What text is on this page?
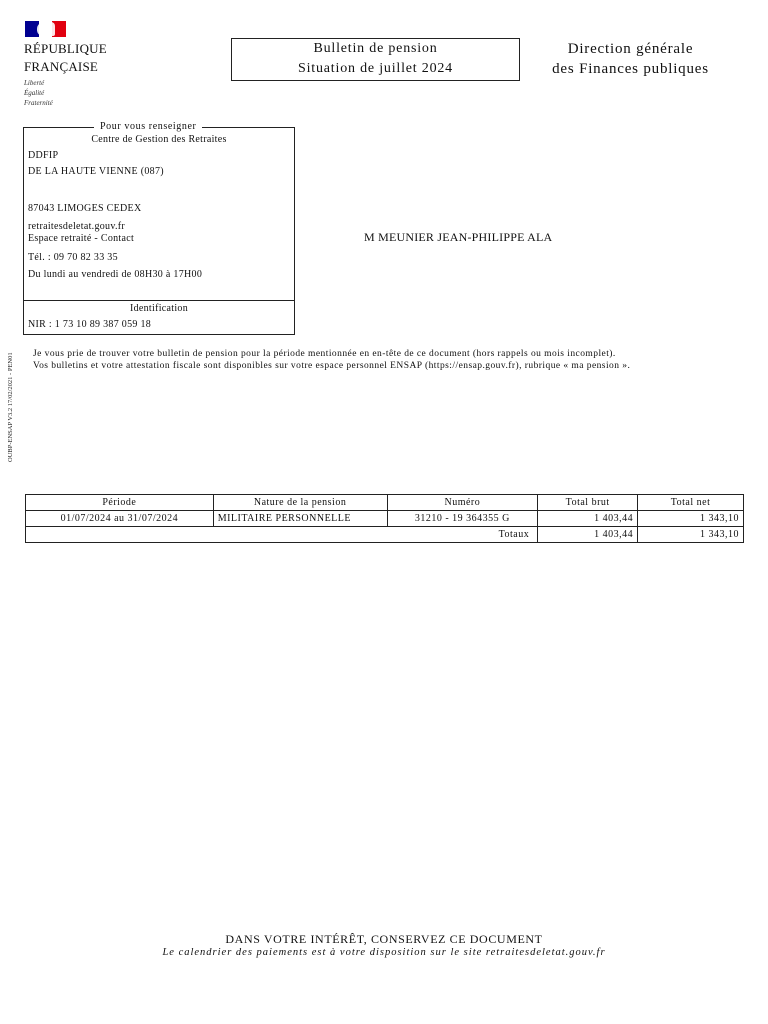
RÉPUBLIQUE
FRANÇAISE
Liberté
Égalité
Fraternité
Bulletin de pension
Situation de juillet 2024
Direction générale
des Finances publiques
Centre de Gestion des Retraites
DDFIP
DE LA HAUTE VIENNE (087)
87043 LIMOGES CEDEX
retraitesdeletat.gouv.fr
Espace retraité - Contact
Tél. : 09 70 82 33 35
Du lundi au vendredi de 08H30 à 17H00
Identification
NIR : 1 73 10 89 387 059 18
Pour vous renseigner
M MEUNIER JEAN-PHILIPPE ALA
OUBP-ENSAP V3.2 17/02/2021 - PEN01 Je vous prie de trouver votre bulletin de pension pour la période mentionnée en en-tête de ce document (hors rappels ou mois incomplet).
Vos bulletins et votre attestation fiscale sont disponibles sur votre espace personnel ENSAP (https://ensap.gouv.fr), rubrique « ma pension ».
Période	Nature de la pension	Numéro	Total brut	Total net
01/07/2024 au 31/07/2024	MILITAIRE PERSONNELLE	31210 - 19 364355 G	1 403,44	1 343,10
Totaux			1 403,44	1 343,10
DANS VOTRE INTÉRÊT, CONSERVEZ CE DOCUMENT
Le calendrier des paiements est à votre disposition sur le site retraitesdeletat.gouv.fr
